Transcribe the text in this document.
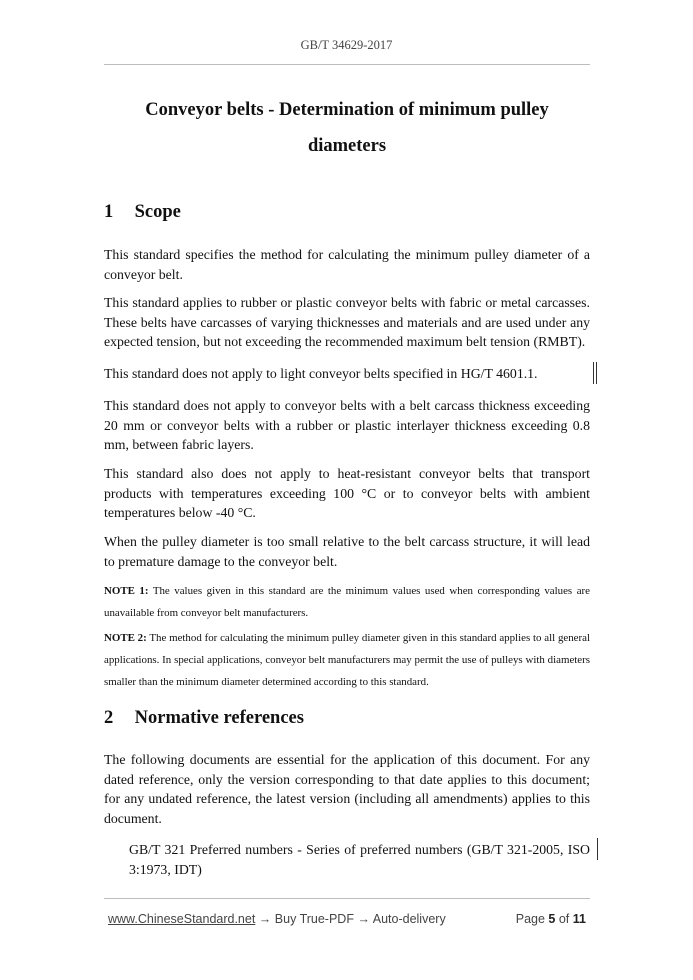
GB/T 34629-2017
Conveyor belts - Determination of minimum pulley
diameters
1 Scope

This standard specifies the method for calculating the minimum pulley diameter of a conveyor belt.

This standard applies to rubber or plastic conveyor belts with fabric or metal carcasses. These belts have carcasses of varying thicknesses and materials and are used under any expected tension, but not exceeding the recommended maximum belt tension (RMBT).

This standard does not apply to light conveyor belts specified in HG/T 4601.1.

This standard does not apply to conveyor belts with a belt carcass thickness exceeding 20 mm or conveyor belts with a rubber or plastic interlayer thickness exceeding 0.8 mm, between fabric layers.

This standard also does not apply to heat-resistant conveyor belts that transport products with temperatures exceeding 100 °C or to conveyor belts with ambient temperatures below -40 °C.

When the pulley diameter is too small relative to the belt carcass structure, it will lead to premature damage to the conveyor belt.

NOTE 1: The values given in this standard are the minimum values used when corresponding values are unavailable from conveyor belt manufacturers.

NOTE 2: The method for calculating the minimum pulley diameter given in this standard applies to all general applications. In special applications, conveyor belt manufacturers may permit the use of pulleys with diameters smaller than the minimum diameter determined according to this standard.

2 Normative references

The following documents are essential for the application of this document. For any dated reference, only the version corresponding to that date applies to this document; for any undated reference, the latest version (including all amendments) applies to this document.

GB/T 321 Preferred numbers - Series of preferred numbers (GB/T 321-2005, ISO 3:1973, IDT)

www.ChineseStandard.net → Buy True-PDF → Auto-delivery	Page 5 of 11
